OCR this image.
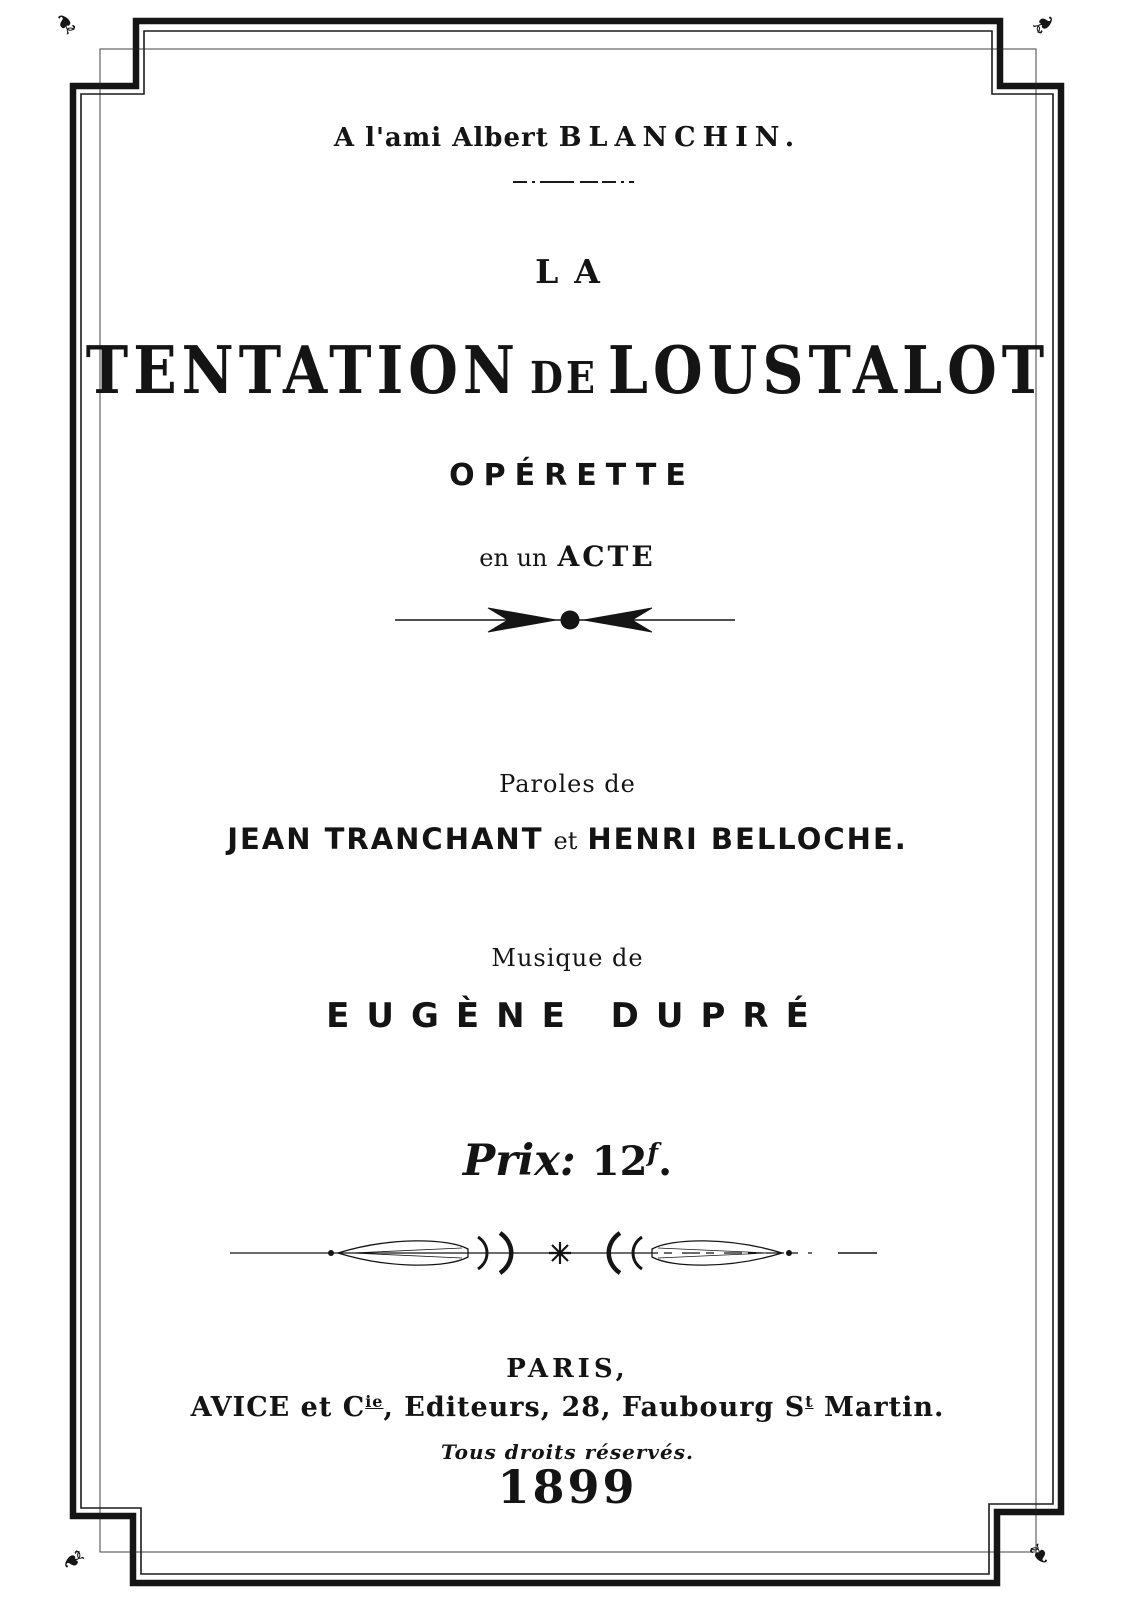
❧	❧
❧	❧
A l'ami Albert BLANCHIN.
LA
TENTATION DE LOUSTALOT
OPÉRETTE
en un ACTE
Paroles de
JEAN TRANCHANT et HENRI BELLOCHE.
Musique de
EUGÈNE DUPRÉ
Prix: 12$^f$.
PARIS,
AVICE et $C^{ie}$, Editeurs, 28, Faubourg $S^t$ Martin.
Tous droits réservés.
1899
